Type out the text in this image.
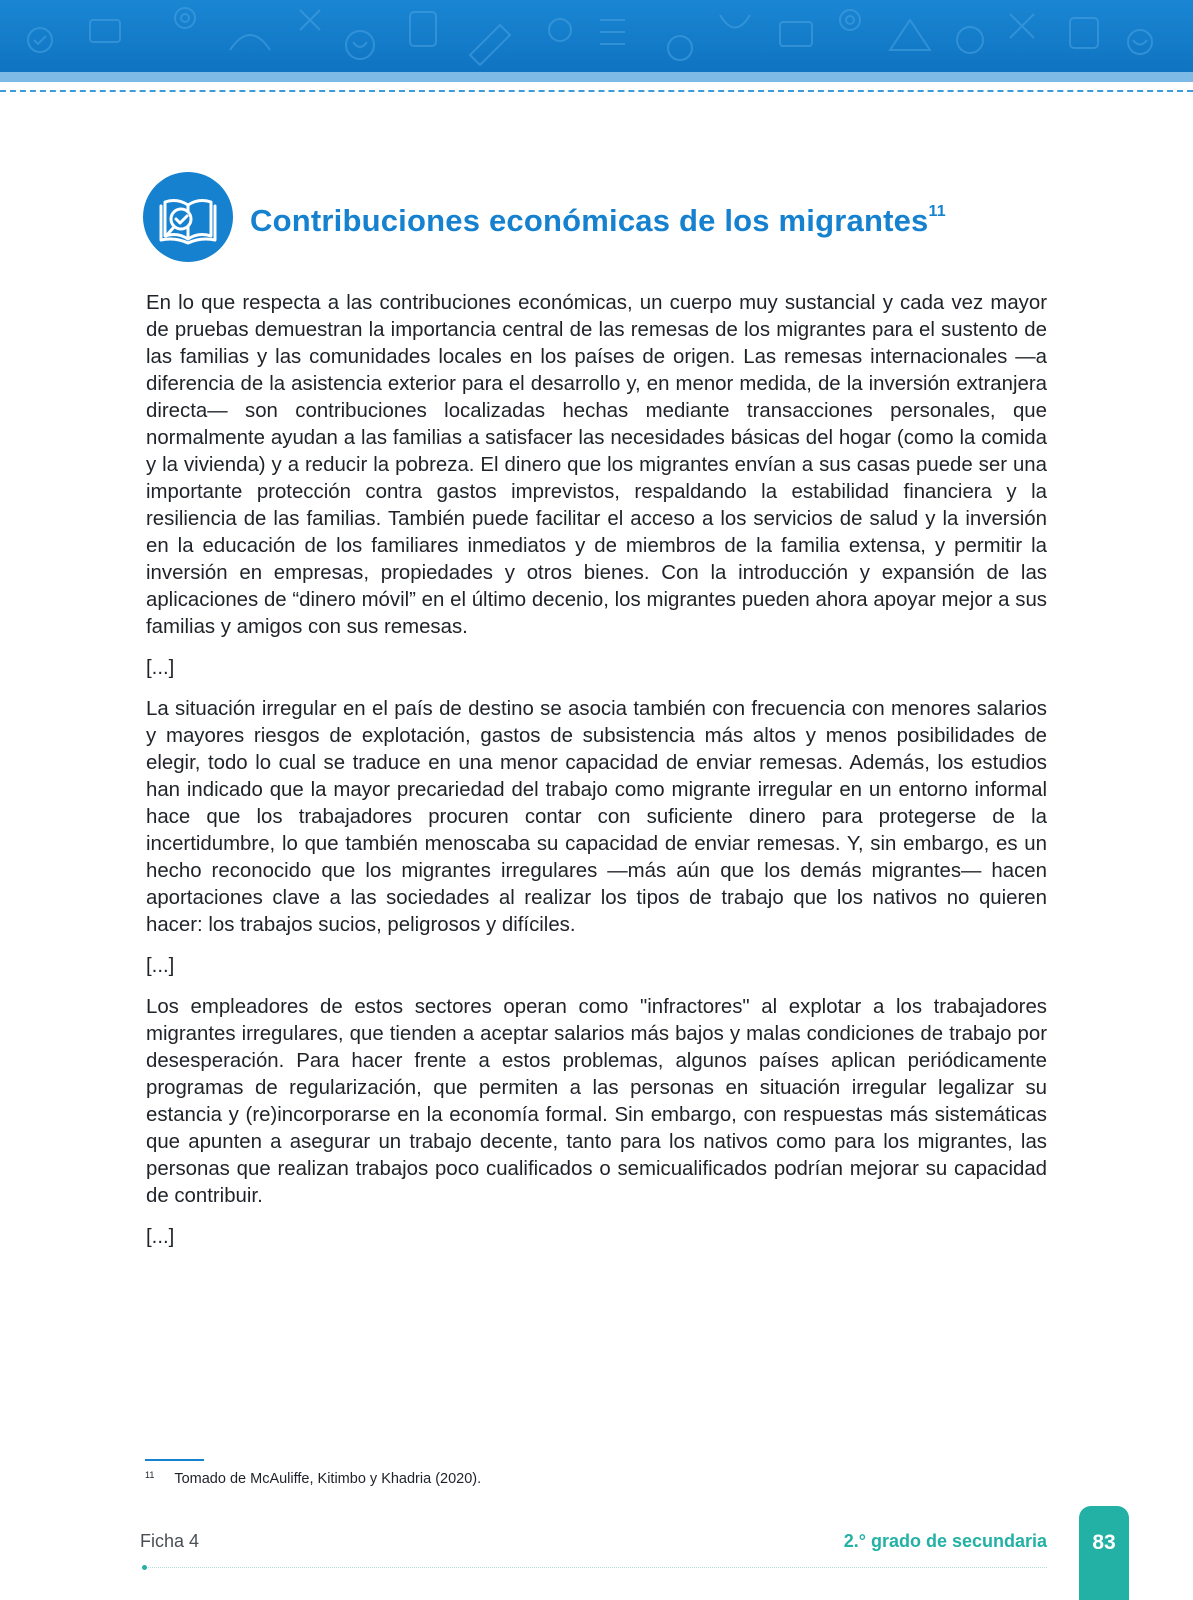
Contribuciones económicas de los migrantes$^{11}$

En lo que respecta a las contribuciones económicas, un cuerpo muy sustancial y cada vez mayor de pruebas demuestran la importancia central de las remesas de los migrantes para el sustento de las familias y las comunidades locales en los países de origen. Las remesas internacionales —a diferencia de la asistencia exterior para el desarrollo y, en menor medida, de la inversión extranjera directa— son contribuciones localizadas hechas mediante transacciones personales, que normalmente ayudan a las familias a satisfacer las necesidades básicas del hogar (como la comida y la vivienda) y a reducir la pobreza. El dinero que los migrantes envían a sus casas puede ser una importante protección contra gastos imprevistos, respaldando la estabilidad financiera y la resiliencia de las familias. También puede facilitar el acceso a los servicios de salud y la inversión en la educación de los familiares inmediatos y de miembros de la familia extensa, y permitir la inversión en empresas, propiedades y otros bienes. Con la introducción y expansión de las aplicaciones de “dinero móvil” en el último decenio, los migrantes pueden ahora apoyar mejor a sus familias y amigos con sus remesas.

[...]

La situación irregular en el país de destino se asocia también con frecuencia con menores salarios y mayores riesgos de explotación, gastos de subsistencia más altos y menos posibilidades de elegir, todo lo cual se traduce en una menor capacidad de enviar remesas. Además, los estudios han indicado que la mayor precariedad del trabajo como migrante irregular en un entorno informal hace que los trabajadores procuren contar con suficiente dinero para protegerse de la incertidumbre, lo que también menoscaba su capacidad de enviar remesas. Y, sin embargo, es un hecho reconocido que los migrantes irregulares —más aún que los demás migrantes— hacen aportaciones clave a las sociedades al realizar los tipos de trabajo que los nativos no quieren hacer: los trabajos sucios, peligrosos y difíciles.

[...]

Los empleadores de estos sectores operan como "infractores" al explotar a los trabajadores migrantes irregulares, que tienden a aceptar salarios más bajos y malas condiciones de trabajo por desesperación. Para hacer frente a estos problemas, algunos países aplican periódicamente programas de regularización, que permiten a las personas en situación irregular legalizar su estancia y (re)incorporarse en la economía formal. Sin embargo, con respuestas más sistemáticas que apunten a asegurar un trabajo decente, tanto para los nativos como para los migrantes, las personas que realizan trabajos poco cualificados o semicualificados podrían mejorar su capacidad de contribuir.

[...]
$^{11}$ Tomado de McAuliffe, Kitimbo y Khadria (2020).
Ficha 4	2.° grado de secundaria	83
